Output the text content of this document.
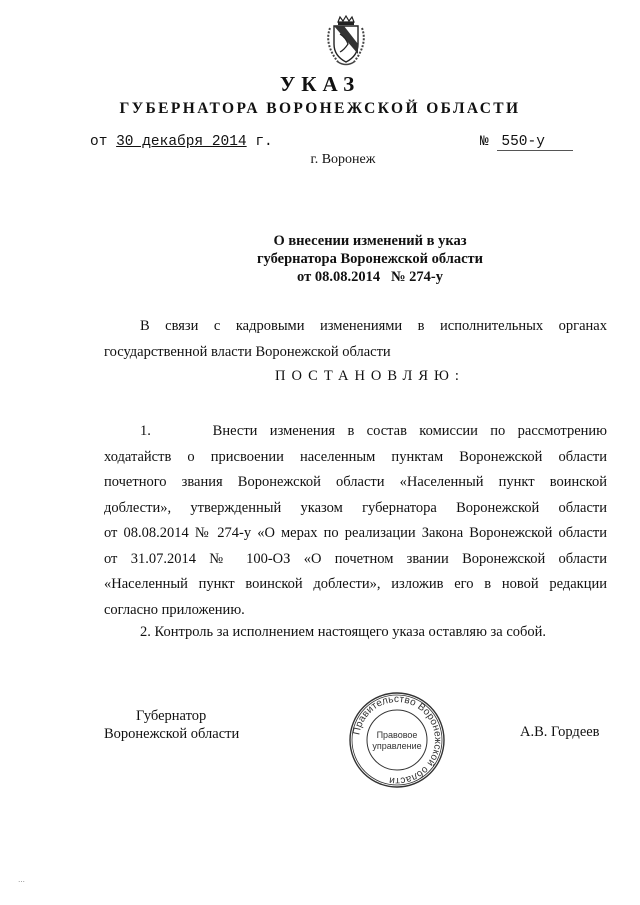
УКАЗ
ГУБЕРНАТОРА ВОРОНЕЖСКОЙ ОБЛАСТИ
от 30 декабря 2014 г.	№ 550-у
г. Воронеж
О внесении изменений в указ
губернатора Воронежской области
от 08.08.2014   № 274-у
В связи с кадровыми изменениями в исполнительных органах
государственной власти Воронежской области
ПОСТАНОВЛЯЮ:
1.     Внести изменения в состав комиссии по рассмотрению
ходатайств о присвоении населенным пунктам Воронежской области
почетного звания Воронежской области «Населенный пункт воинской
доблести», утвержденный указом губернатора Воронежской области
от 08.08.2014 № 274-у «О мерах по реализации Закона Воронежской области
от 31.07.2014 № 100-ОЗ «О почетном звании Воронежской области
«Населенный пункт воинской доблести», изложив его в новой редакции
согласно приложению.
2. Контроль за исполнением настоящего указа оставляю за собой.
Губернатор
Воронежской области	А.В. Гордеев
Правительство Воронежской области
Правовое
управление
···
